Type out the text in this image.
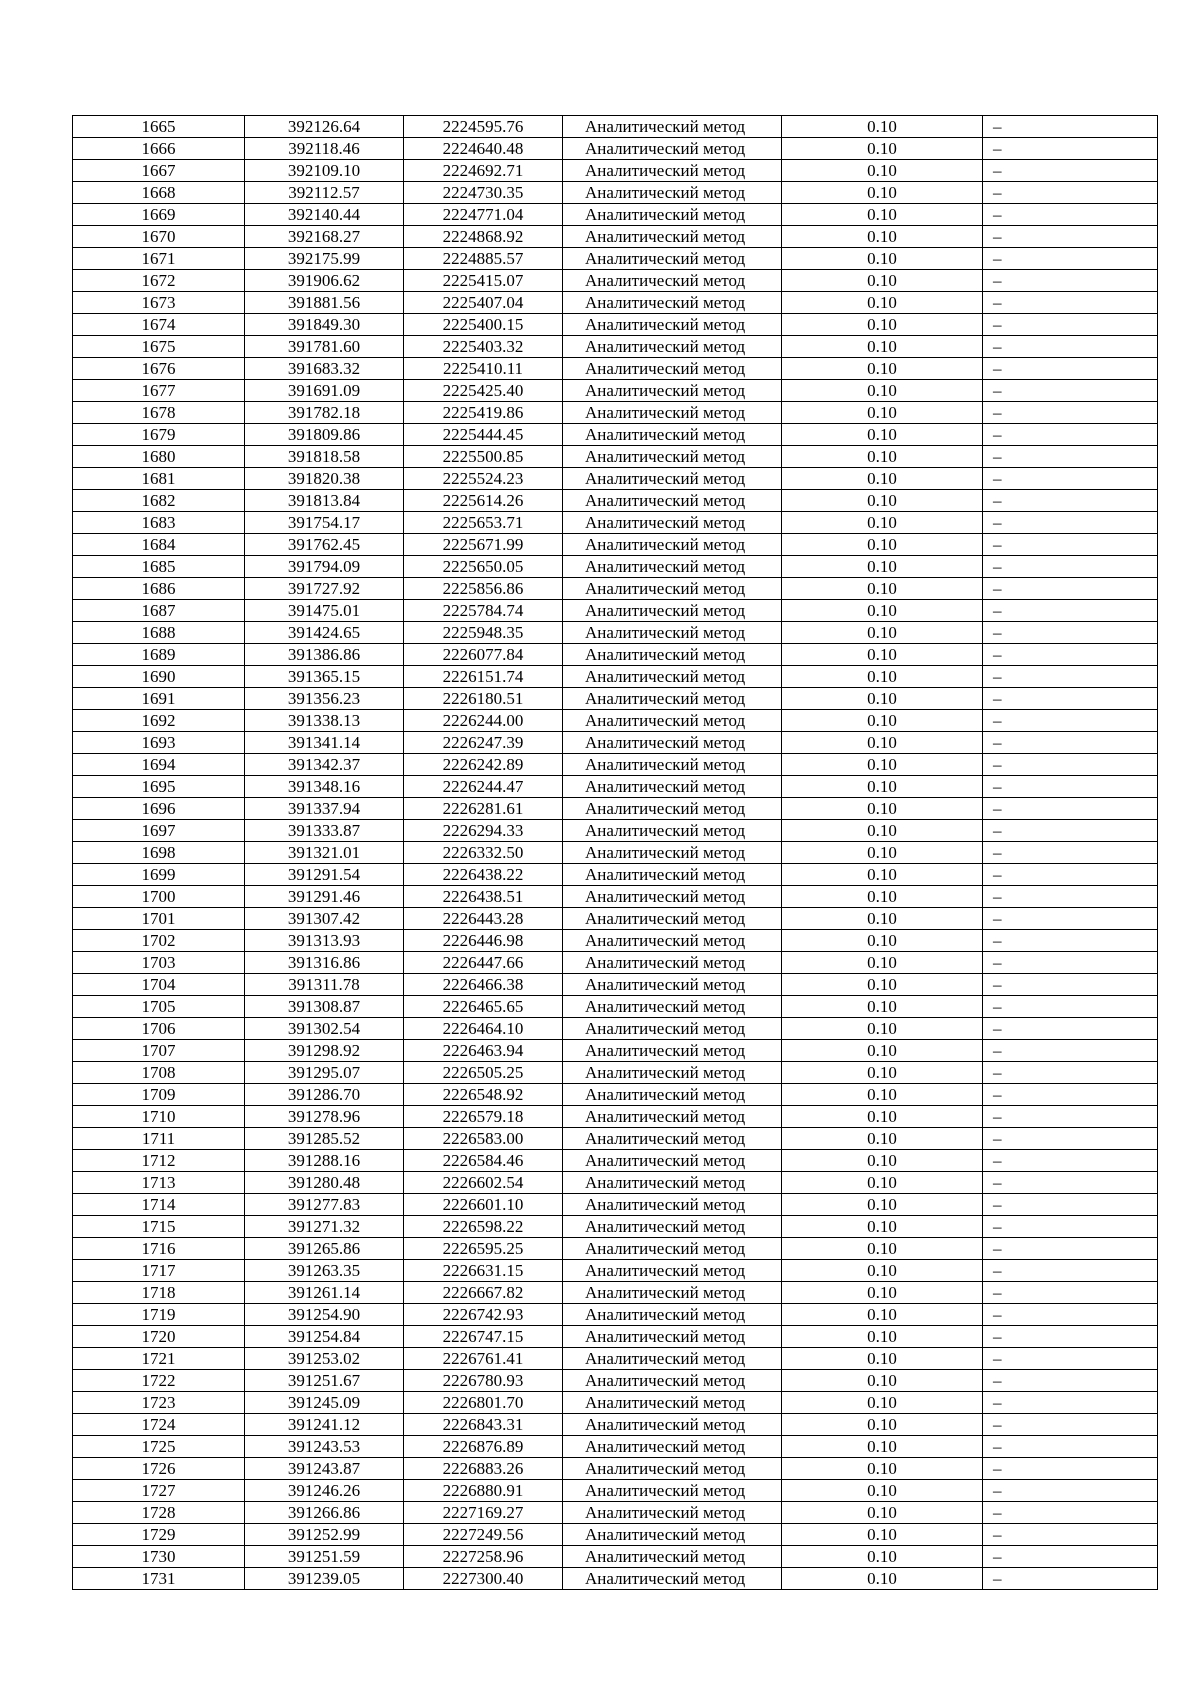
1665	392126.64	2224595.76	Аналитический метод	0.10	–
1666	392118.46	2224640.48	Аналитический метод	0.10	–
1667	392109.10	2224692.71	Аналитический метод	0.10	–
1668	392112.57	2224730.35	Аналитический метод	0.10	–
1669	392140.44	2224771.04	Аналитический метод	0.10	–
1670	392168.27	2224868.92	Аналитический метод	0.10	–
1671	392175.99	2224885.57	Аналитический метод	0.10	–
1672	391906.62	2225415.07	Аналитический метод	0.10	–
1673	391881.56	2225407.04	Аналитический метод	0.10	–
1674	391849.30	2225400.15	Аналитический метод	0.10	–
1675	391781.60	2225403.32	Аналитический метод	0.10	–
1676	391683.32	2225410.11	Аналитический метод	0.10	–
1677	391691.09	2225425.40	Аналитический метод	0.10	–
1678	391782.18	2225419.86	Аналитический метод	0.10	–
1679	391809.86	2225444.45	Аналитический метод	0.10	–
1680	391818.58	2225500.85	Аналитический метод	0.10	–
1681	391820.38	2225524.23	Аналитический метод	0.10	–
1682	391813.84	2225614.26	Аналитический метод	0.10	–
1683	391754.17	2225653.71	Аналитический метод	0.10	–
1684	391762.45	2225671.99	Аналитический метод	0.10	–
1685	391794.09	2225650.05	Аналитический метод	0.10	–
1686	391727.92	2225856.86	Аналитический метод	0.10	–
1687	391475.01	2225784.74	Аналитический метод	0.10	–
1688	391424.65	2225948.35	Аналитический метод	0.10	–
1689	391386.86	2226077.84	Аналитический метод	0.10	–
1690	391365.15	2226151.74	Аналитический метод	0.10	–
1691	391356.23	2226180.51	Аналитический метод	0.10	–
1692	391338.13	2226244.00	Аналитический метод	0.10	–
1693	391341.14	2226247.39	Аналитический метод	0.10	–
1694	391342.37	2226242.89	Аналитический метод	0.10	–
1695	391348.16	2226244.47	Аналитический метод	0.10	–
1696	391337.94	2226281.61	Аналитический метод	0.10	–
1697	391333.87	2226294.33	Аналитический метод	0.10	–
1698	391321.01	2226332.50	Аналитический метод	0.10	–
1699	391291.54	2226438.22	Аналитический метод	0.10	–
1700	391291.46	2226438.51	Аналитический метод	0.10	–
1701	391307.42	2226443.28	Аналитический метод	0.10	–
1702	391313.93	2226446.98	Аналитический метод	0.10	–
1703	391316.86	2226447.66	Аналитический метод	0.10	–
1704	391311.78	2226466.38	Аналитический метод	0.10	–
1705	391308.87	2226465.65	Аналитический метод	0.10	–
1706	391302.54	2226464.10	Аналитический метод	0.10	–
1707	391298.92	2226463.94	Аналитический метод	0.10	–
1708	391295.07	2226505.25	Аналитический метод	0.10	–
1709	391286.70	2226548.92	Аналитический метод	0.10	–
1710	391278.96	2226579.18	Аналитический метод	0.10	–
1711	391285.52	2226583.00	Аналитический метод	0.10	–
1712	391288.16	2226584.46	Аналитический метод	0.10	–
1713	391280.48	2226602.54	Аналитический метод	0.10	–
1714	391277.83	2226601.10	Аналитический метод	0.10	–
1715	391271.32	2226598.22	Аналитический метод	0.10	–
1716	391265.86	2226595.25	Аналитический метод	0.10	–
1717	391263.35	2226631.15	Аналитический метод	0.10	–
1718	391261.14	2226667.82	Аналитический метод	0.10	–
1719	391254.90	2226742.93	Аналитический метод	0.10	–
1720	391254.84	2226747.15	Аналитический метод	0.10	–
1721	391253.02	2226761.41	Аналитический метод	0.10	–
1722	391251.67	2226780.93	Аналитический метод	0.10	–
1723	391245.09	2226801.70	Аналитический метод	0.10	–
1724	391241.12	2226843.31	Аналитический метод	0.10	–
1725	391243.53	2226876.89	Аналитический метод	0.10	–
1726	391243.87	2226883.26	Аналитический метод	0.10	–
1727	391246.26	2226880.91	Аналитический метод	0.10	–
1728	391266.86	2227169.27	Аналитический метод	0.10	–
1729	391252.99	2227249.56	Аналитический метод	0.10	–
1730	391251.59	2227258.96	Аналитический метод	0.10	–
1731	391239.05	2227300.40	Аналитический метод	0.10	–
